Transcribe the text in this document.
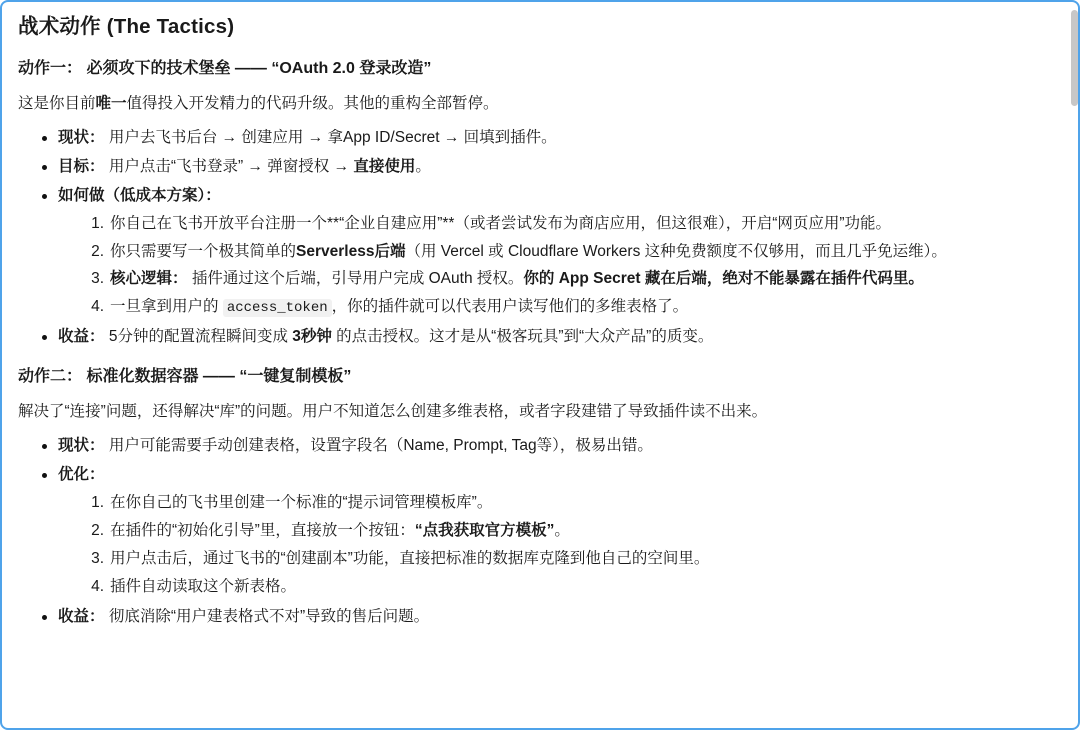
战术动作 (The Tactics)
动作一： 必须攻下的技术堡垒 —— “OAuth 2.0 登录改造”
这是你目前唯一值得投入开发精力的代码升级。其他的重构全部暂停。
现状： 用户去飞书后台 → 创建应用 → 拿App ID/Secret → 回填到插件。
目标： 用户点击“飞书登录” → 弹窗授权 → 直接使用。
如何做（低成本方案）：
你自己在飞书开放平台注册一个**“企业自建应用”**（或者尝试发布为商店应用，但这很难），开启“网页应用”功能。
你只需要写一个极其简单的Serverless后端（用 Vercel 或 Cloudflare Workers 这种免费额度不仅够用，而且几乎免运维）。
核心逻辑： 插件通过这个后端，引导用户完成 OAuth 授权。你的 App Secret 藏在后端，绝对不能暴露在插件代码里。
一旦拿到用户的 access_token ，你的插件就可以代表用户读写他们的多维表格了。
收益： 5分钟的配置流程瞬间变成 3秒钟 的点击授权。这才是从“极客玩具”到“大众产品”的质变。
动作二： 标准化数据容器 —— “一键复制模板”
解决了“连接”问题，还得解决“库”的问题。用户不知道怎么创建多维表格，或者字段建错了导致插件读不出来。
现状： 用户可能需要手动创建表格，设置字段名（Name, Prompt, Tag等），极易出错。
优化：
在你自己的飞书里创建一个标准的“提示词管理模板库”。
在插件的“初始化引导”里，直接放一个按钮：“点我获取官方模板”。
用户点击后，通过飞书的“创建副本”功能，直接把标准的数据库克隆到他自己的空间里。
插件自动读取这个新表格。
收益： 彻底消除“用户建表格式不对”导致的售后问题。
